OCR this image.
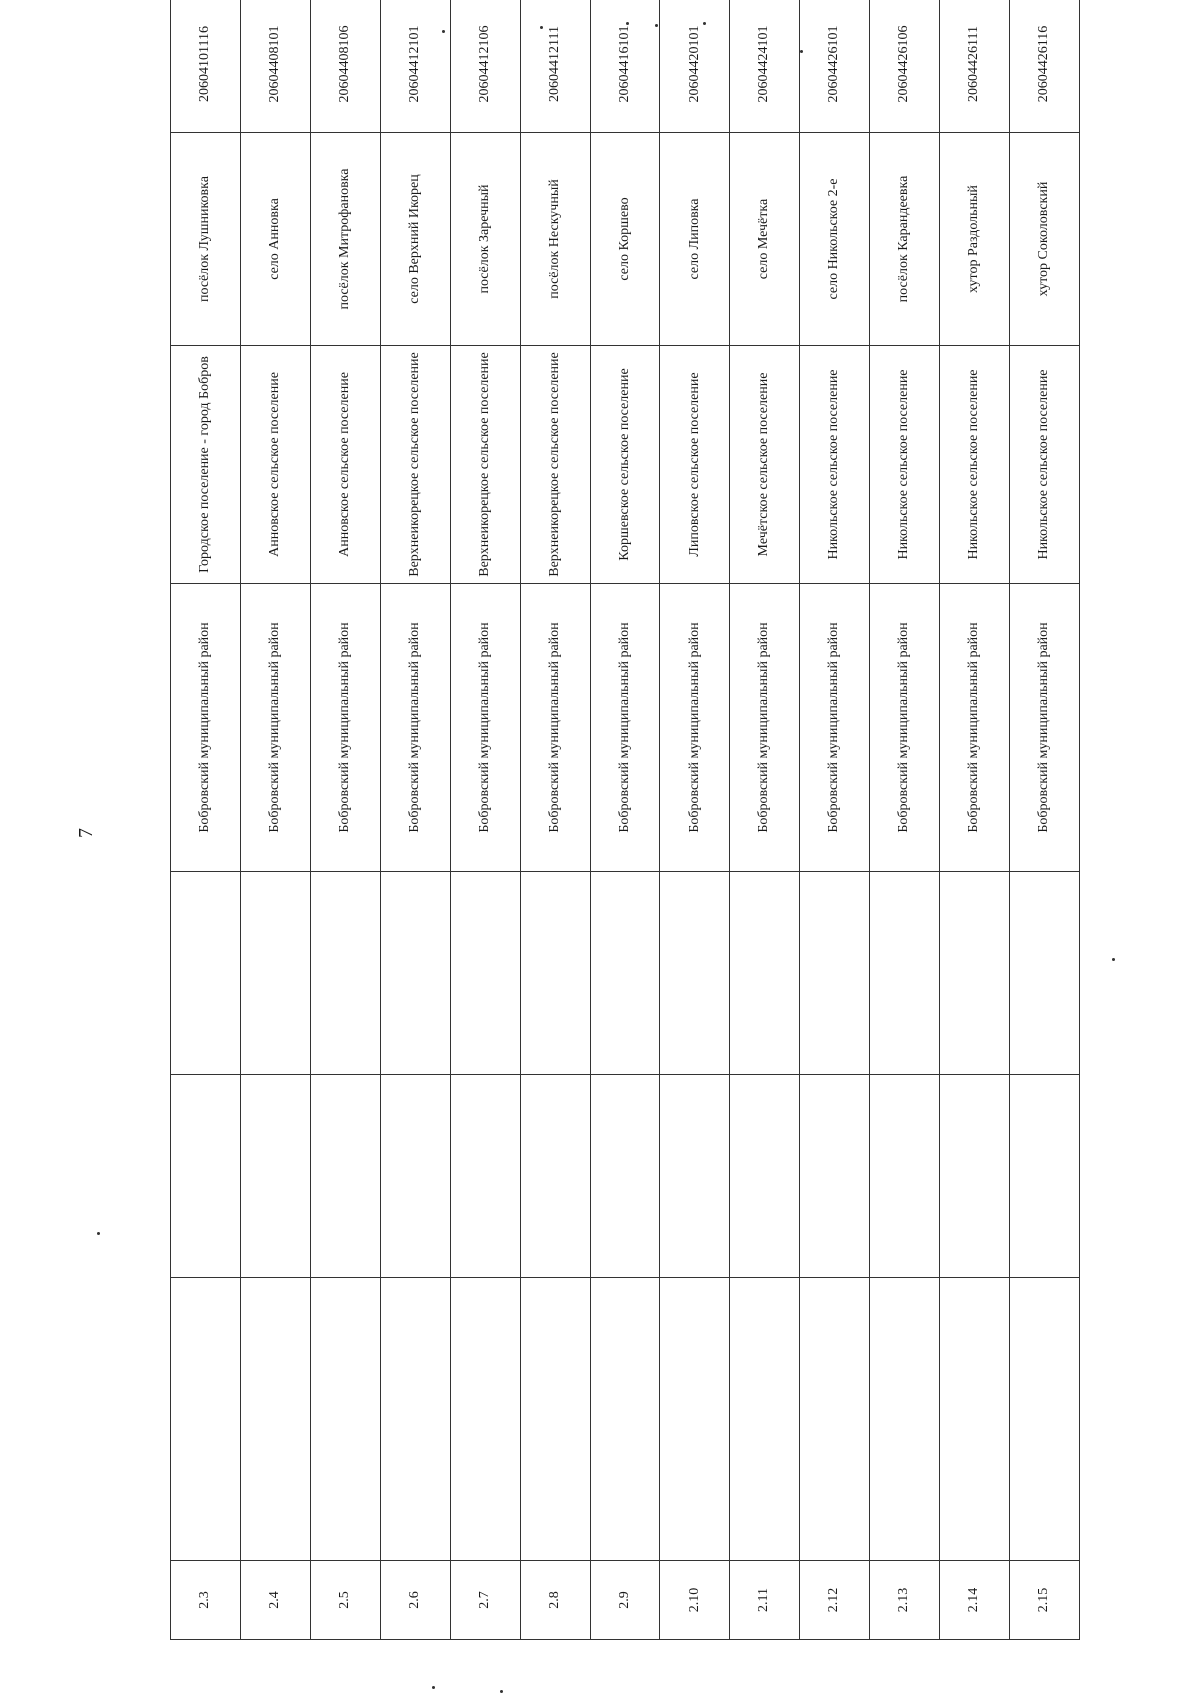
7
2.3				Бобровский муниципальный район	Городское поселение - город Бобров	посёлок Лушниковка	20604101116
2.4				Бобровский муниципальный район	Анновское сельское поселение	село Анновка	20604408101
2.5				Бобровский муниципальный район	Анновское сельское поселение	посёлок Митрофановка	20604408106
2.6				Бобровский муниципальный район	Верхнеикорецкое сельское поселение	село Верхний Икорец	20604412101
2.7				Бобровский муниципальный район	Верхнеикорецкое сельское поселение	посёлок Заречный	20604412106
2.8				Бобровский муниципальный район	Верхнеикорецкое сельское поселение	посёлок Нескучный	20604412111
2.9				Бобровский муниципальный район	Коршевское сельское поселение	село Коршево	20604416101
2.10				Бобровский муниципальный район	Липовское сельское поселение	село Липовка	20604420101
2.11				Бобровский муниципальный район	Мечётское сельское поселение	село Мечётка	20604424101
2.12				Бобровский муниципальный район	Никольское сельское поселение	село Никольское 2-е	20604426101
2.13				Бобровский муниципальный район	Никольское сельское поселение	посёлок Карандеевка	20604426106
2.14				Бобровский муниципальный район	Никольское сельское поселение	хутор Раздольный	20604426111
2.15				Бобровский муниципальный район	Никольское сельское поселение	хутор Соколовский	20604426116
